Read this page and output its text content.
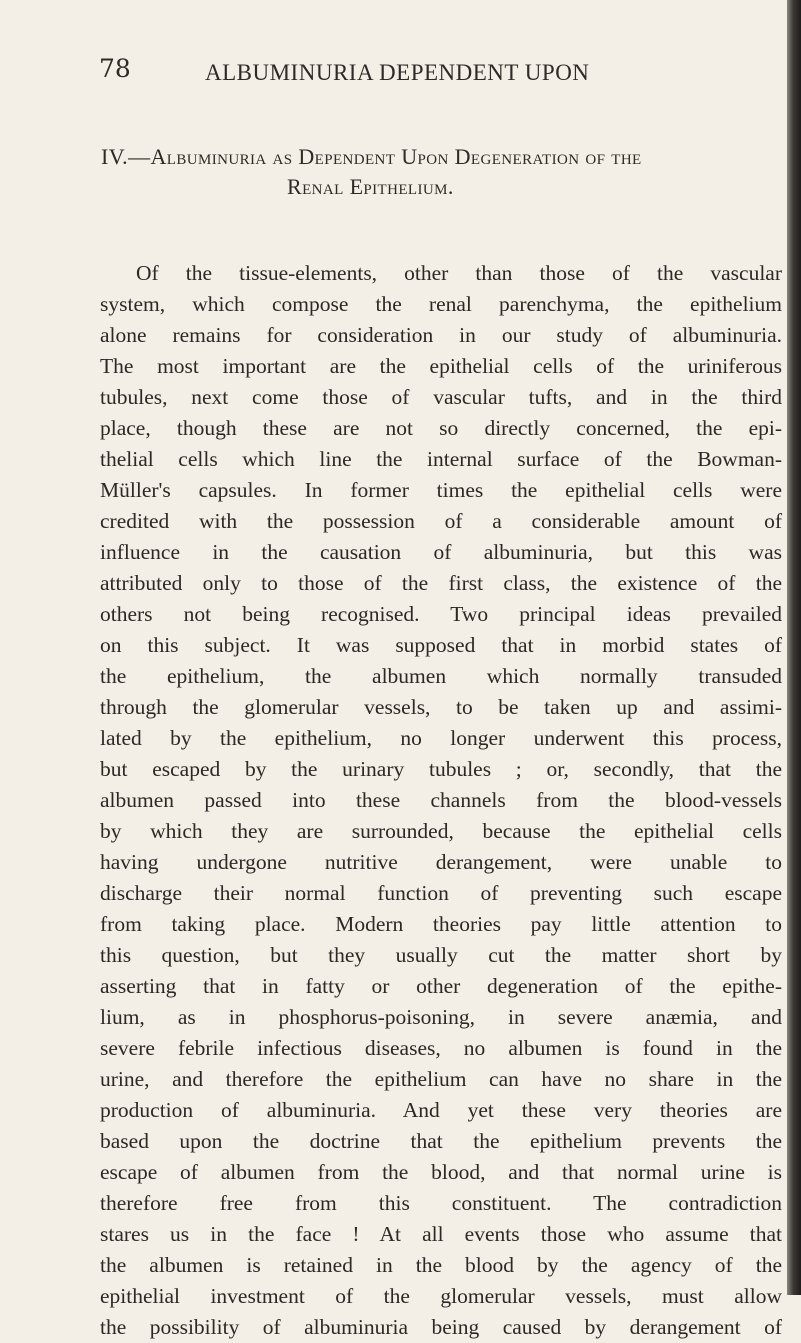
78	ALBUMINURIA DEPENDENT UPON
IV.—Albuminuria as Dependent Upon Degeneration of the
Renal Epithelium.
Of the tissue-elements, other than those of the vascular
system, which compose the renal parenchyma, the epithelium
alone remains for consideration in our study of albuminuria.
The most important are the epithelial cells of the uriniferous
tubules, next come those of vascular tufts, and in the third
place, though these are not so directly concerned, the epi-
thelial cells which line the internal surface of the Bowman-
Müller's capsules. In former times the epithelial cells were
credited with the possession of a considerable amount of
influence in the causation of albuminuria, but this was
attributed only to those of the first class, the existence of the
others not being recognised. Two principal ideas prevailed
on this subject. It was supposed that in morbid states of
the epithelium, the albumen which normally transuded
through the glomerular vessels, to be taken up and assimi-
lated by the epithelium, no longer underwent this process,
but escaped by the urinary tubules ; or, secondly, that the
albumen passed into these channels from the blood-vessels
by which they are surrounded, because the epithelial cells
having undergone nutritive derangement, were unable to
discharge their normal function of preventing such escape
from taking place. Modern theories pay little attention to
this question, but they usually cut the matter short by
asserting that in fatty or other degeneration of the epithe-
lium, as in phosphorus-poisoning, in severe anæmia, and
severe febrile infectious diseases, no albumen is found in the
urine, and therefore the epithelium can have no share in the
production of albuminuria. And yet these very theories are
based upon the doctrine that the epithelium prevents the
escape of albumen from the blood, and that normal urine is
therefore free from this constituent. The contradiction
stares us in the face ! At all events those who assume that
the albumen is retained in the blood by the agency of the
epithelial investment of the glomerular vessels, must allow
the possibility of albuminuria being caused by derangement of
